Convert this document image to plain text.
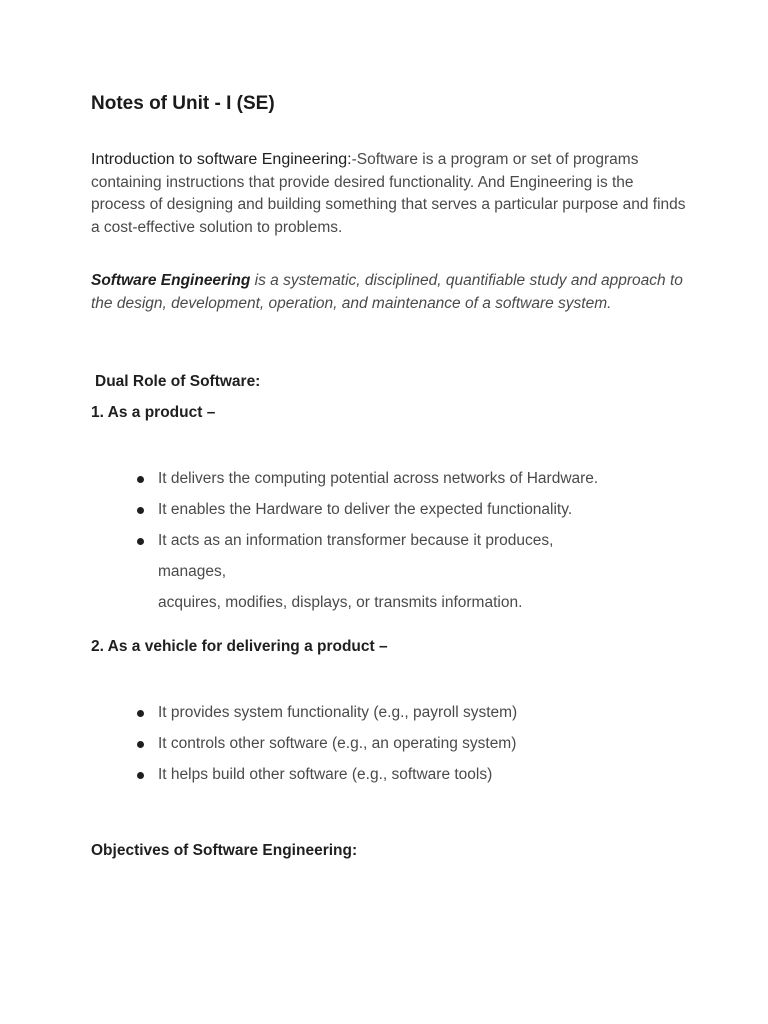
Notes of Unit - I (SE)

Introduction to software Engineering:-Software is a program or set of programs containing instructions that provide desired functionality. And Engineering is the process of designing and building something that serves a particular purpose and finds a cost-effective solution to problems.

Software Engineering is a systematic, disciplined, quantifiable study and approach to the design, development, operation, and maintenance of a software system.

Dual Role of Software:
1. As a product –
It delivers the computing potential across networks of Hardware.
It enables the Hardware to deliver the expected functionality.
It acts as an information transformer because it produces, manages,
acquires, modifies, displays, or transmits information.
2. As a vehicle for delivering a product –
It provides system functionality (e.g., payroll system)
It controls other software (e.g., an operating system)
It helps build other software (e.g., software tools)
Objectives of Software Engineering:
